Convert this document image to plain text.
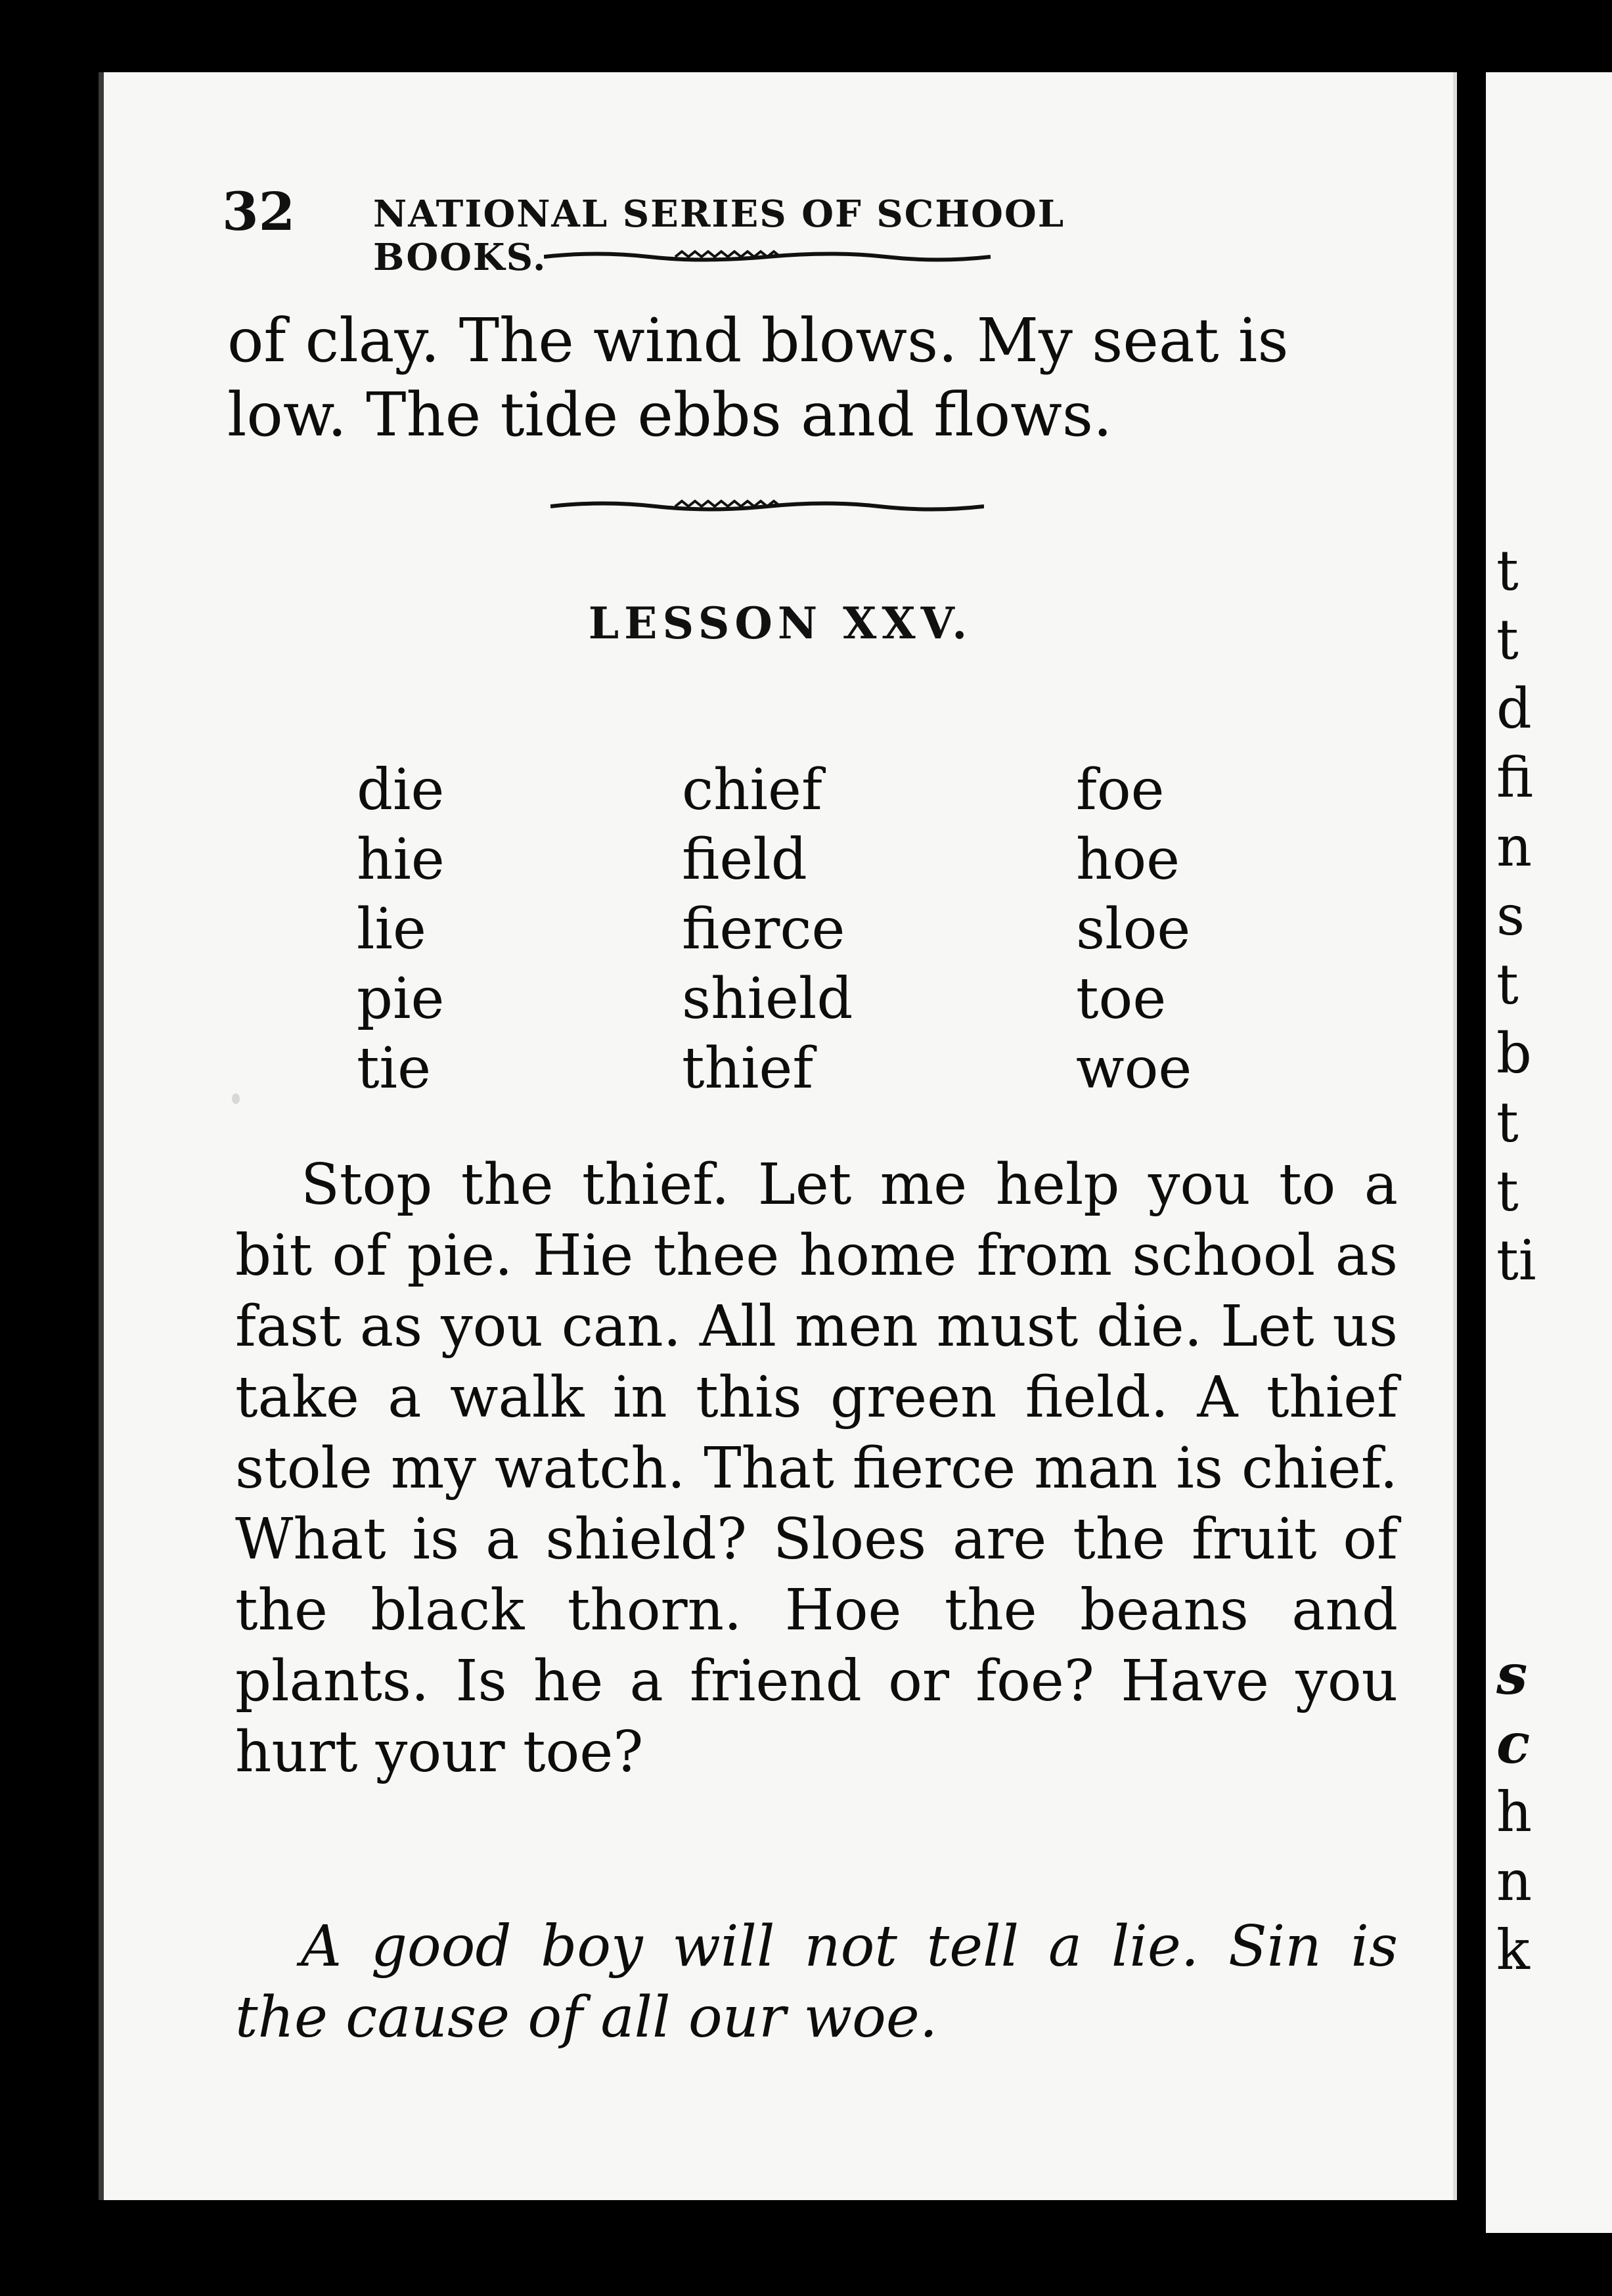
32 NATIONAL SERIES OF SCHOOL BOOKS.
of clay. The wind blows. My seat is
low. The tide ebbs and flows.
LESSON XXV.
die
hie
lie
pie
tie
chief
field
fierce
shield
thief
foe
hoe
sloe
toe
woe
Stop the thief. Let me help you to a bit of pie. Hie thee home from school as fast as you can. All men must die. Let us take a walk in this green field. A thief stole my watch. That fierce man is chief. What is a shield? Sloes are the fruit of the black thorn. Hoe the beans and plants. Is he a friend or foe? Have you hurt your toe?
A good boy will not tell a lie. Sin is the cause of all our woe.
t
t
d
fi
n
s
t
b
t
t
ti
s
c
h
n
k
